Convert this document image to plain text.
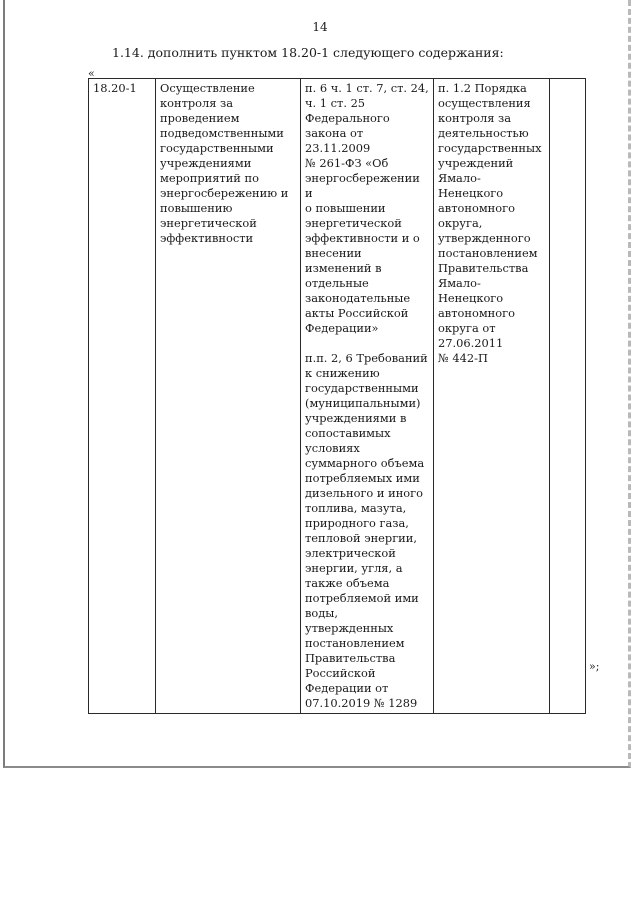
14
1.14. дополнить пунктом 18.20-1 следующего содержания:
«
18.20-1	Осуществление
контроля за
проведением
подведомственными
государственными
учреждениями
мероприятий по
энергосбережению и
повышению
энергетической
эффективности	п. 6 ч. 1 ст. 7, ст. 24,
ч. 1 ст. 25
Федерального
закона от 23.11.2009
№ 261-ФЗ «Об
энергосбережении и
о повышении
энергетической
эффективности и о
внесении
изменений в
отдельные
законодательные
акты Российской
Федерации»
п.п. 2, 6 Требований
к снижению
государственными
(муниципальными)
учреждениями в
сопоставимых
условиях
суммарного объема
потребляемых ими
дизельного и иного
топлива, мазута,
природного газа,
тепловой энергии,
электрической
энергии, угля, а
также объема
потребляемой ими
воды,
утвержденных
постановлением
Правительства
Российской
Федерации от
07.10.2019 № 1289	п. 1.2 Порядка
осуществления
контроля за
деятельностью
государственных
учреждений
Ямало-
Ненецкого
автономного
округа,
утвержденного
постановлением
Правительства
Ямало-
Ненецкого
автономного
округа от
27.06.2011
№ 442-П	
»;
